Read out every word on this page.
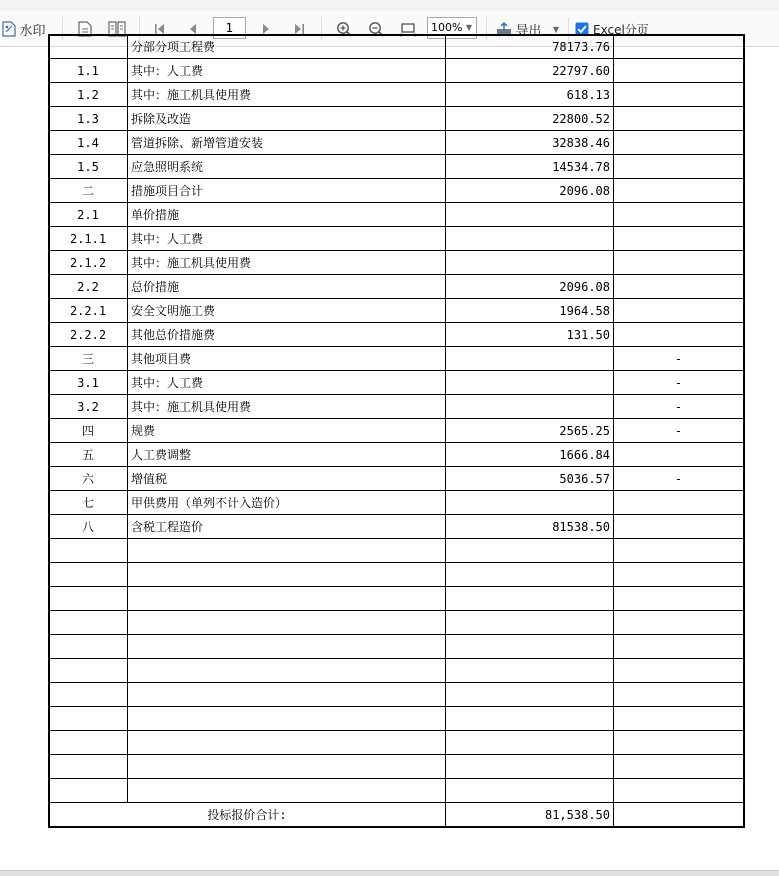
水印	1	100% ▼	导出 ▼	Excel分页
	分部分项工程费	78173.76	
1.1	其中：人工费	22797.60	
1.2	其中：施工机具使用费	618.13	
1.3	拆除及改造	22800.52	
1.4	管道拆除、新增管道安装	32838.46	
1.5	应急照明系统	14534.78	
二	措施项目合计	2096.08	
2.1	单价措施		
2.1.1	其中：人工费		
2.1.2	其中：施工机具使用费		
2.2	总价措施	2096.08	
2.2.1	安全文明施工费	1964.58	
2.2.2	其他总价措施费	131.50	
三	其他项目费		-
3.1	其中：人工费		-
3.2	其中：施工机具使用费		-
四	规费	2565.25	-
五	人工费调整	1666.84	
六	增值税	5036.57	-
七	甲供费用（单列不计入造价）		
八	含税工程造价	81538.50	

投标报价合计:		81,538.50	
